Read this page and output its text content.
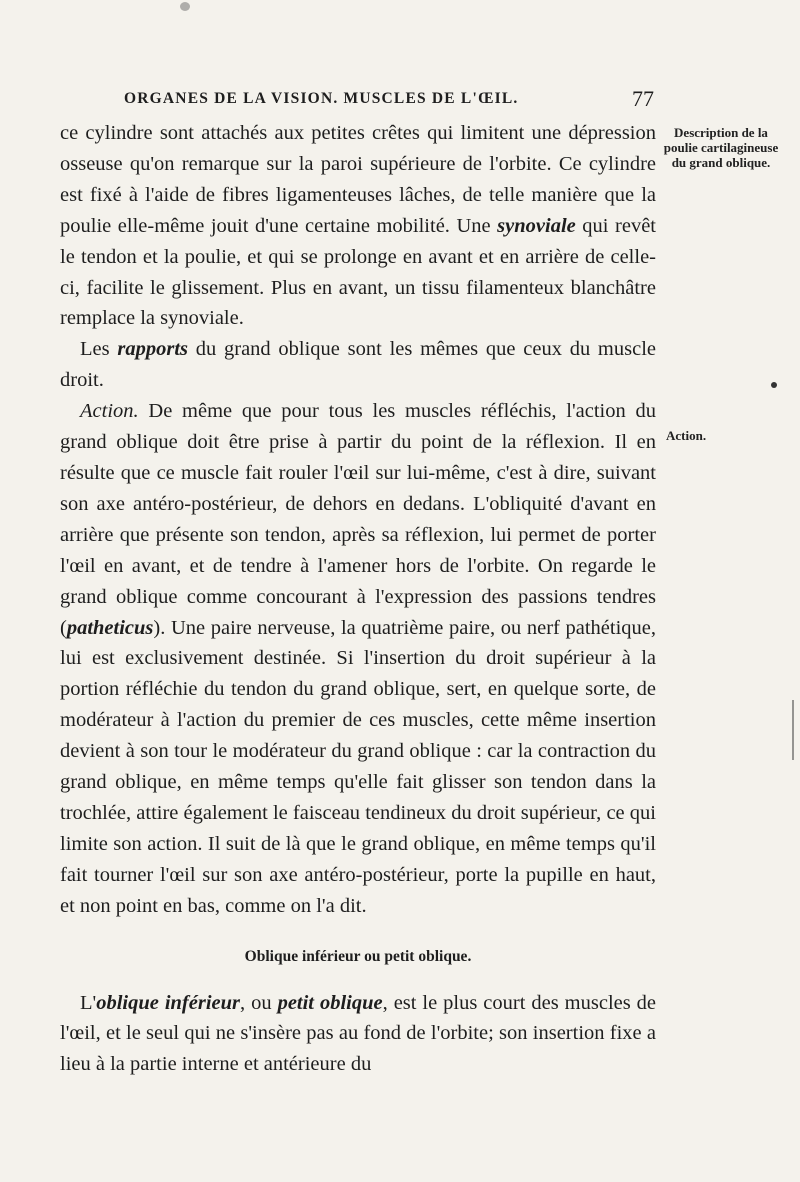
ORGANES DE LA VISION. MUSCLES DE L'ŒIL.	77

ce cylindre sont attachés aux petites crêtes qui limitent une dépression osseuse qu'on remarque sur la paroi supérieure de l'orbite. Ce cylindre est fixé à l'aide de fibres ligamenteuses lâches, de telle manière que la poulie elle-même jouit d'une certaine mobilité. Une synoviale qui revêt le tendon et la poulie, et qui se prolonge en avant et en arrière de celle-ci, facilite le glissement. Plus en avant, un tissu filamenteux blanchâtre remplace la synoviale.

Les rapports du grand oblique sont les mêmes que ceux du muscle droit.

Action. De même que pour tous les muscles réfléchis, l'action du grand oblique doit être prise à partir du point de la réflexion. Il en résulte que ce muscle fait rouler l'œil sur lui-même, c'est à dire, suivant son axe antéro-postérieur, de dehors en dedans. L'obliquité d'avant en arrière que présente son tendon, après sa réflexion, lui permet de porter l'œil en avant, et de tendre à l'amener hors de l'orbite. On regarde le grand oblique comme concourant à l'expression des passions tendres (patheticus). Une paire nerveuse, la quatrième paire, ou nerf pathétique, lui est exclusivement destinée. Si l'insertion du droit supérieur à la portion réfléchie du tendon du grand oblique, sert, en quelque sorte, de modérateur à l'action du premier de ces muscles, cette même insertion devient à son tour le modérateur du grand oblique : car la contraction du grand oblique, en même temps qu'elle fait glisser son tendon dans la trochlée, attire également le faisceau tendineux du droit supérieur, ce qui limite son action. Il suit de là que le grand oblique, en même temps qu'il fait tourner l'œil sur son axe antéro-postérieur, porte la pupille en haut, et non point en bas, comme on l'a dit.

Oblique inférieur ou petit oblique.

L'oblique inférieur, ou petit oblique, est le plus court des muscles de l'œil, et le seul qui ne s'insère pas au fond de l'orbite; son insertion fixe a lieu à la partie interne et antérieure du

Description de la poulie cartilagineuse du grand oblique.
Action.
